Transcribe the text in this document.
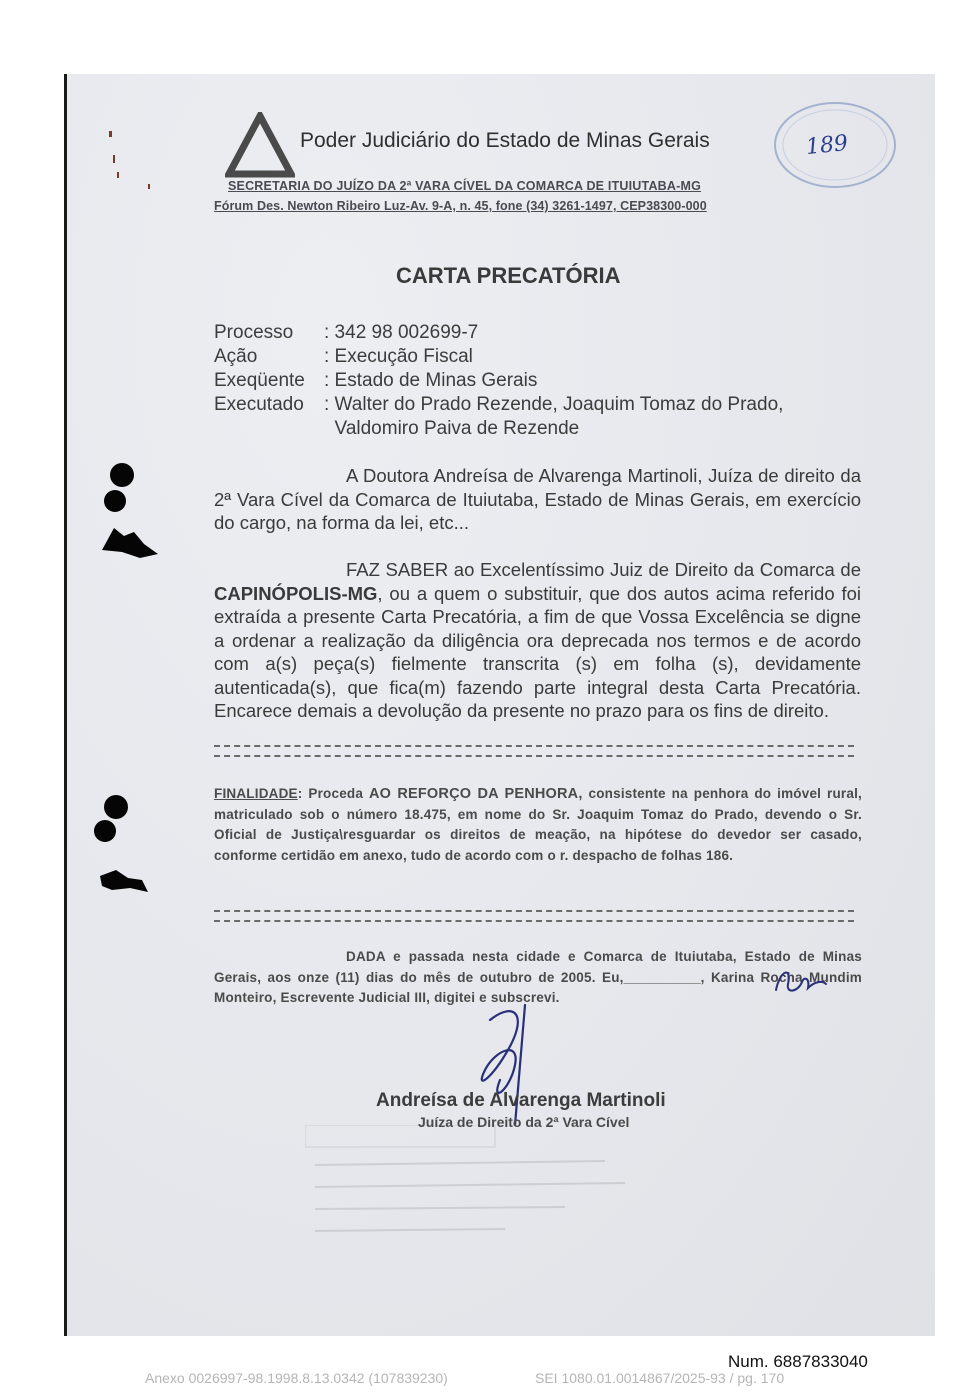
Poder Judiciário do Estado de Minas Gerais	189
SECRETARIA DO JUÍZO DA 2ª VARA CÍVEL DA COMARCA DE ITUIUTABA-MG
Fórum Des. Newton Ribeiro Luz-Av. 9-A, n. 45, fone (34) 3261-1497, CEP38300-000
CARTA PRECATÓRIA
Processo : 342 98 002699-7
Ação	: Execução Fiscal
Exeqüente : Estado de Minas Gerais
Executado : Walter do Prado Rezende, Joaquim Tomaz do Prado,
Valdomiro Paiva de Rezende

A Doutora Andreísa de Alvarenga Martinoli, Juíza de direito da 2ª Vara Cível da Comarca de Ituiutaba, Estado de Minas Gerais, em exercício do cargo, na forma da lei, etc...

FAZ SABER ao Excelentíssimo Juiz de Direito da Comarca de CAPINÓPOLIS-MG, ou a quem o substituir, que dos autos acima referido foi extraída a presente Carta Precatória, a fim de que Vossa Excelência se digne a ordenar a realização da diligência ora deprecada nos termos e de acordo com a(s) peça(s) fielmente transcrita (s) em folha (s), devidamente autenticada(s), que fica(m) fazendo parte integral desta Carta Precatória. Encarece demais a devolução da presente no prazo para os fins de direito.

FINALIDADE: Proceda AO REFORÇO DA PENHORA, consistente na penhora do imóvel rural, matriculado sob o número 18.475, em nome do Sr. Joaquim Tomaz do Prado, devendo o Sr. Oficial de Justiça\resguardar os direitos de meação, na hipótese do devedor ser casado, conforme certidão em anexo, tudo de acordo com o r. despacho de folhas 186.

DADA e passada nesta cidade e Comarca de Ituiutaba, Estado de Minas Gerais, aos onze (11) dias do mês de outubro de 2005. Eu,__________, Karina Rocha Mundim Monteiro, Escrevente Judicial III, digitei e subscrevi.

Andreísa de Alvarenga Martinoli
Juíza de Direito da 2ª Vara Cível
Num. 6887833040
Anexo 0026997-98.1998.8.13.0342 (107839230)	SEI 1080.01.0014867/2025-93 / pg. 170
